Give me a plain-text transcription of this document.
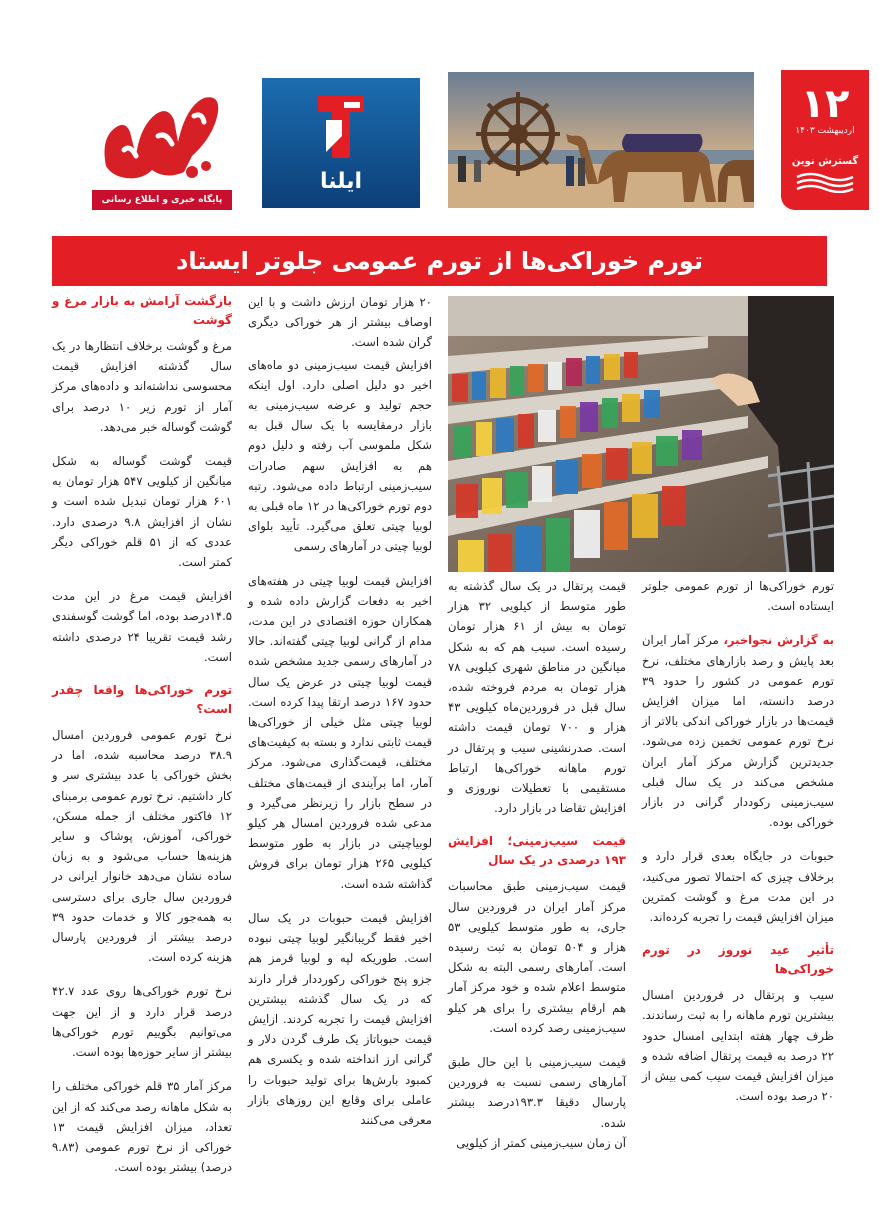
۱۲
اردیبهشت ۱۴۰۳
گسترش نوین
ایلنا
پایگاه خبری و اطلاع رسانی "نبض خبر"
تورم خوراکی‌ها از تورم عمومی جلوتر ایستاد

تورم خوراکی‌ها از تورم عمومی جلوتر ایستاده است.

به گزارش نجواخبر، مرکز آمار ایران بعد پایش و رصد بازارهای مختلف، نرخ تورم عمومی در کشور را حدود ۳۹ درصد دانسته، اما میزان افزایش قیمت‌ها در بازار خوراکی اندکی بالاتر از نرخ تورم عمومی تخمین زده می‌شود. جدیدترین گزارش مرکز آمار ایران مشخص می‌کند در یک سال قبلی سیب‌زمینی رکوددار گرانی در بازار خوراکی بوده.

حبوبات در جایگاه بعدی قرار دارد و برخلاف چیزی که احتمالا تصور می‌کنید، در این مدت مرغ و گوشت کمترین میزان افزایش قیمت را تجربه کرده‌اند.

تأثیر عید نوروز در تورم خوراکی‌ها

سیب و پرتقال در فروردین امسال بیشترین تورم ماهانه را به ثبت رساندند. ظرف چهار هفته ابتدایی امسال حدود ۲۲ درصد به قیمت پرتقال اضافه شده و میزان افزایش قیمت سیب کمی بیش از ۲۰ درصد بوده است.

قیمت پرتقال در یک سال گذشته به طور متوسط از کیلویی ۳۲ هزار تومان به بیش از ۶۱ هزار تومان رسیده است. سیب هم که به شکل میانگین در مناطق شهری کیلویی ۷۸ هزار تومان به مردم فروخته شده، سال قبل در فروردین‌ماه کیلویی ۴۳ هزار و ۷۰۰ تومان قیمت داشته است. صدرنشینی سیب و پرتقال در تورم ماهانه خوراکی‌ها ارتباط مستقیمی با تعطیلات نوروزی و افزایش تقاضا در بازار دارد.

قیمت سیب‌زمینی؛ افزایش ۱۹۳ درصدی در یک سال

قیمت سیب‌زمینی طبق محاسبات مرکز آمار ایران در فروردین سال جاری، به طور متوسط کیلویی ۵۳ هزار و ۵۰۴ تومان به ثبت رسیده است. آمارهای رسمی البته به شکل متوسط اعلام شده و خود مرکز آمار هم ارقام بیشتری را برای هر کیلو سیب‌زمینی رصد کرده است.

قیمت سیب‌زمینی با این حال طبق آمارهای رسمی نسبت به فروردین پارسال دقیقا ۱۹۳.۳درصد بیشتر شده.

آن زمان سیب‌زمینی کمتر از کیلویی

۲۰ هزار تومان ارزش داشت و با این اوصاف بیشتر از هر خوراکی دیگری گران شده است.

افزایش قیمت سیب‌زمینی دو ماه‌های اخیر دو دلیل اصلی دارد. اول اینکه حجم تولید و عرضه سیب‌زمینی به بازار درمقایسه با یک سال قبل به شکل ملموسی آب رفته و دلیل دوم هم به افزایش سهم صادرات سیب‌زمینی ارتباط داده می‌شود. رتبه دوم تورم خوراکی‌ها در ۱۲ ماه قبلی به لوبیا چیتی تعلق می‌گیرد. تأیید بلوای لوبیا چیتی در آمارهای رسمی

افزایش قیمت لوبیا چیتی در هفته‌های اخیر به دفعات گزارش داده شده و همکاران حوزه اقتصادی در این مدت، مدام از گرانی لوبیا چیتی گفته‌اند. حالا در آمارهای رسمی جدید مشخص شده قیمت لوبیا چیتی در عرض یک سال حدود ۱۶۷ درصد ارتقا پیدا کرده است. لوبیا چیتی مثل خیلی از خوراکی‌ها قیمت ثابتی ندارد و بسته به کیفیت‌های مختلف، قیمت‌گذاری می‌شود. مرکز آمار، اما برآیندی از قیمت‌های مختلف در سطح بازار را زیرنظر می‌گیرد و مدعی شده فروردین امسال هر کیلو لوبیاچیتی در بازار به طور متوسط کیلویی ۲۶۵ هزار تومان برای فروش گذاشته شده است.

افزایش قیمت حبوبات در یک سال اخیر فقط گریبانگیر لوبیا چیتی نبوده است. طوریکه لپه و لوبیا قرمز هم جزو پنج خوراکی رکورددار قرار دارند که در یک سال گذشته بیشترین افزایش قیمت را تجربه کردند. ازایش قیمت حبوباتاز یک طرف گردن دلار و گرانی ارز انداخته شده و یکسری هم کمبود بارش‌ها برای تولید حبوبات را عاملی برای وقایع این روزهای بازار معرفی می‌کنند

بازگشت آرامش به بازار مرغ و گوشت

مرغ و گوشت برخلاف انتظارها در یک سال گذشته افزایش قیمت محسوسی نداشته‌اند و داده‌های مرکز آمار از تورم زیر ۱۰ درصد برای گوشت گوساله خبر می‌دهد.

قیمت گوشت گوساله به شکل میانگین از کیلویی ۵۴۷ هزار تومان به ۶۰۱ هزار تومان تبدیل شده است و نشان از افزایش ۹.۸ درصدی دارد. عددی که از ۵۱ قلم خوراکی دیگر کمتر است.

افزایش قیمت مرغ در این مدت ۱۴.۵درصد بوده، اما گوشت گوسفندی رشد قیمت تقریبا ۲۴ درصدی داشته است.

تورم خوراکی‌ها واقعا چقدر است؟

نرخ تورم عمومی فروردین امسال ۳۸.۹ درصد محاسبه شده، اما در بخش خوراکی با عدد بیشتری سر و کار داشتیم. نرخ تورم عمومی برمبنای ۱۲ فاکتور مختلف از جمله مسکن، خوراکی، آموزش، پوشاک و سایر هزینه‌ها حساب می‌شود و به زبان ساده نشان می‌دهد خانوار ایرانی در فروردین سال جاری برای دسترسی به همه‌جور کالا و خدمات حدود ۳۹ درصد بیشتر از فروردین پارسال هزینه کرده است.

نرخ تورم خوراکی‌ها روی عدد ۴۲.۷ درصد قرار دارد و از این جهت می‌توانیم بگوییم تورم خوراکی‌ها بیشتر از سایر حوزه‌ها بوده است.

مرکز آمار ۳۵ قلم خوراکی مختلف را به شکل ماهانه رصد می‌کند که از این تعداد، میزان افزایش قیمت ۱۳ خوراکی از نرخ تورم عمومی (۹.۸۳ درصد) بیشتر بوده است.
